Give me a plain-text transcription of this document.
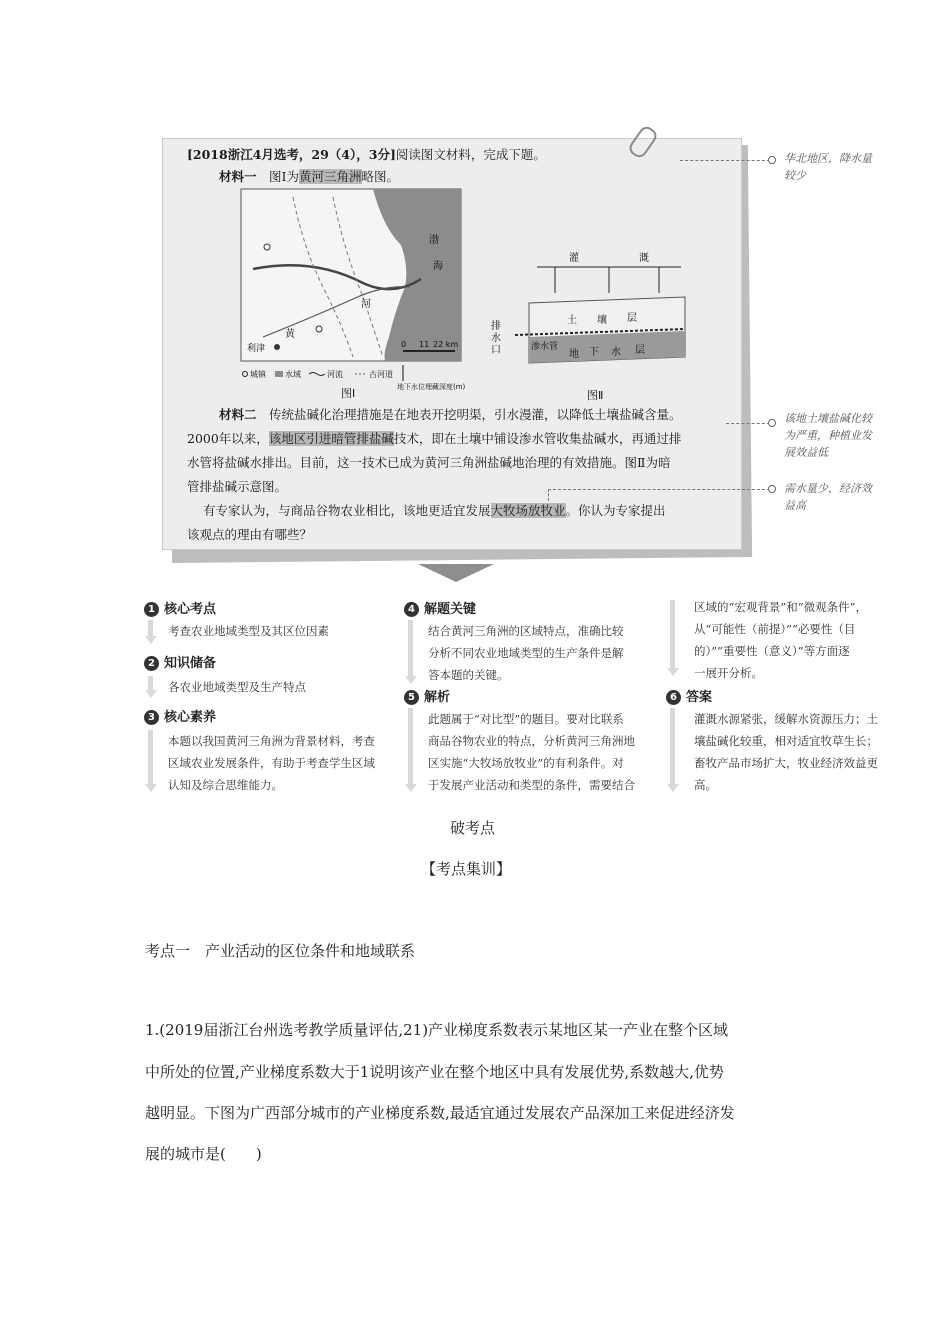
[2018浙江4月选考，29（4），3分]阅读图文材料，完成下题。
材料一　 图Ⅰ为黄河三角洲略图。
渤
海
河
黄
利津	0 11 22 km
城镇 水域	河流	古河道
地下水位埋藏深度(m)
图Ⅰ
灌	溉
土 壤 层
排
水
口	渗水管
地 下 水 层
图Ⅱ
材料二　 传统盐碱化治理措施是在地表开挖明渠，引水漫灌，以降低土壤盐碱含量。
2000年以来，该地区引进暗管排盐碱技术，即在土壤中铺设渗水管收集盐碱水，再通过排
水管将盐碱水排出。目前，这一技术已成为黄河三角洲盐碱地治理的有效措施。图Ⅱ为暗
管排盐碱示意图。
有专家认为，与商品谷物农业相比，该地更适宜发展大牧场放牧业。你认为专家提出
该观点的理由有哪些？
华北地区，降水量
较少
该地土壤盐碱化较
为严重，种植业发
展效益低
需水量少，经济效
益高
1 核心考点
考查农业地域类型及其区位因素
2 知识储备
各农业地域类型及生产特点
3 核心素养
本题以我国黄河三角洲为背景材料，考查
区域农业发展条件，有助于考查学生区域
认知及综合思维能力。
4 解题关键
结合黄河三角洲的区域特点，准确比较
分析不同农业地域类型的生产条件是解
答本题的关键。
5 解析
此题属于“对比型”的题目。要对比联系
商品谷物农业的特点，分析黄河三角洲地
区实施“大牧场放牧业”的有利条件。对
于发展产业活动和类型的条件，需要结合
区域的“宏观背景”和“微观条件”，
从“可能性（前提）”“必要性（目
的）”“重要性（意义）”等方面逐
一展开分析。
6 答案
灌溉水源紧张，缓解水资源压力；土
壤盐碱化较重，相对适宜牧草生长；
畜牧产品市场扩大，牧业经济效益更
高。
破考点
【考点集训】
考点一　产业活动的区位条件和地域联系
1.(2019届浙江台州选考教学质量评估,21)产业梯度系数表示某地区某一产业在整个区域
中所处的位置,产业梯度系数大于1说明该产业在整个地区中具有发展优势,系数越大,优势
越明显。下图为广西部分城市的产业梯度系数,最适宜通过发展农产品深加工来促进经济发
展的城市是(　　)
